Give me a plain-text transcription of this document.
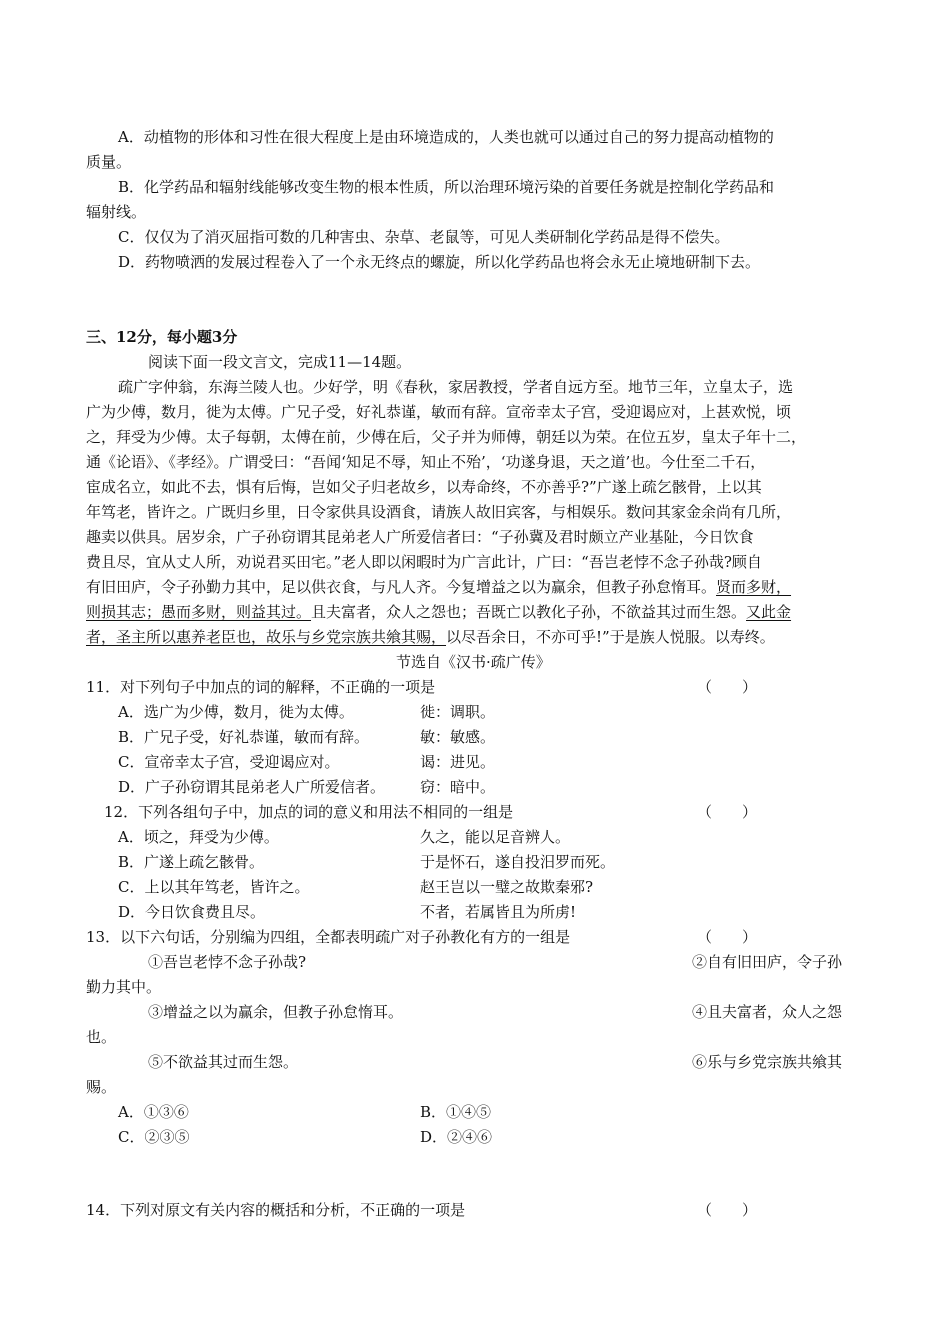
A．动植物的形体和习性在很大程度上是由环境造成的，人类也就可以通过自己的努力提高动植物的
质量。
B．化学药品和辐射线能够改变生物的根本性质，所以治理环境污染的首要任务就是控制化学药品和
辐射线。
C．仅仅为了消灭屈指可数的几种害虫、杂草、老鼠等，可见人类研制化学药品是得不偿失。
D．药物喷洒的发展过程卷入了一个永无终点的螺旋，所以化学药品也将会永无止境地研制下去。
三、12分，每小题3分
阅读下面一段文言文，完成11—14题。
疏广字仲翁，东海兰陵人也。少好学，明《春秋，家居教授，学者自远方至。地节三年，立皇太子，选
广为少傅，数月，徙为太傅。广兄子受，好礼恭谨，敏而有辞。宣帝幸太子宫，受迎谒应对，上甚欢悦，顷
之，拜受为少傅。太子每朝，太傅在前，少傅在后，父子并为师傅，朝廷以为荣。在位五岁，皇太子年十二，
通《论语》、《孝经》。广谓受曰：“吾闻‘知足不辱，知止不殆’，‘功遂身退，天之道’也。今仕至二千石，
宦成名立，如此不去，惧有后悔，岂如父子归老故乡，以寿命终，不亦善乎?”广遂上疏乞骸骨，上以其
年笃老，皆许之。广既归乡里，日令家供具设酒食，请族人故旧宾客，与相娱乐。数问其家金余尚有几所，
趣卖以供具。居岁余，广子孙窃谓其昆弟老人广所爱信者曰：“子孙冀及君时颇立产业基阯，今日饮食
费且尽，宜从丈人所，劝说君买田宅。”老人即以闲暇时为广言此计，广曰：“吾岂老悖不念子孙哉?顾自
有旧田庐，令子孙勤力其中，足以供衣食，与凡人齐。今复增益之以为赢余，但教子孙怠惰耳。贤而多财，
则损其志；愚而多财，则益其过。且夫富者，众人之怨也；吾既亡以教化子孙，不欲益其过而生怨。又此金
者，圣主所以惠养老臣也，故乐与乡党宗族共飨其赐，以尽吾余日，不亦可乎!”于是族人悦服。以寿终。
节选自《汉书·疏广传》
11．对下列句子中加点的词的解释，不正确的一项是	（　　）
A．选广为少傅，数月，徙为太傅。	徙：调职。
B．广兄子受，好礼恭谨，敏而有辞。	敏：敏感。
C．宣帝幸太子宫，受迎谒应对。	谒：进见。
D．广子孙窃谓其昆弟老人广所爱信者。 窃：暗中。
12．下列各组句子中，加点的词的意义和用法不相同的一组是	（　　）
A．顷之，拜受为少傅。	久之，能以足音辨人。
B．广遂上疏乞骸骨。	于是怀石，遂自投汨罗而死。
C．上以其年笃老，皆许之。	赵王岂以一璧之故欺秦邪?
D．今日饮食费且尽。	不者，若属皆且为所虏!
13．以下六句话，分别编为四组，全都表明疏广对子孙教化有方的一组是	（　　）
①吾岂老悖不念子孙哉?	②自有旧田庐，令子孙
勤力其中。
③增益之以为赢余，但教子孙怠惰耳。	④且夫富者，众人之怨
也。
⑤不欲益其过而生怨。	⑥乐与乡党宗族共飨其
赐。
A．①③⑥	B．①④⑤
C．②③⑤	D．②④⑥
14．下列对原文有关内容的概括和分析，不正确的一项是	（　　）
